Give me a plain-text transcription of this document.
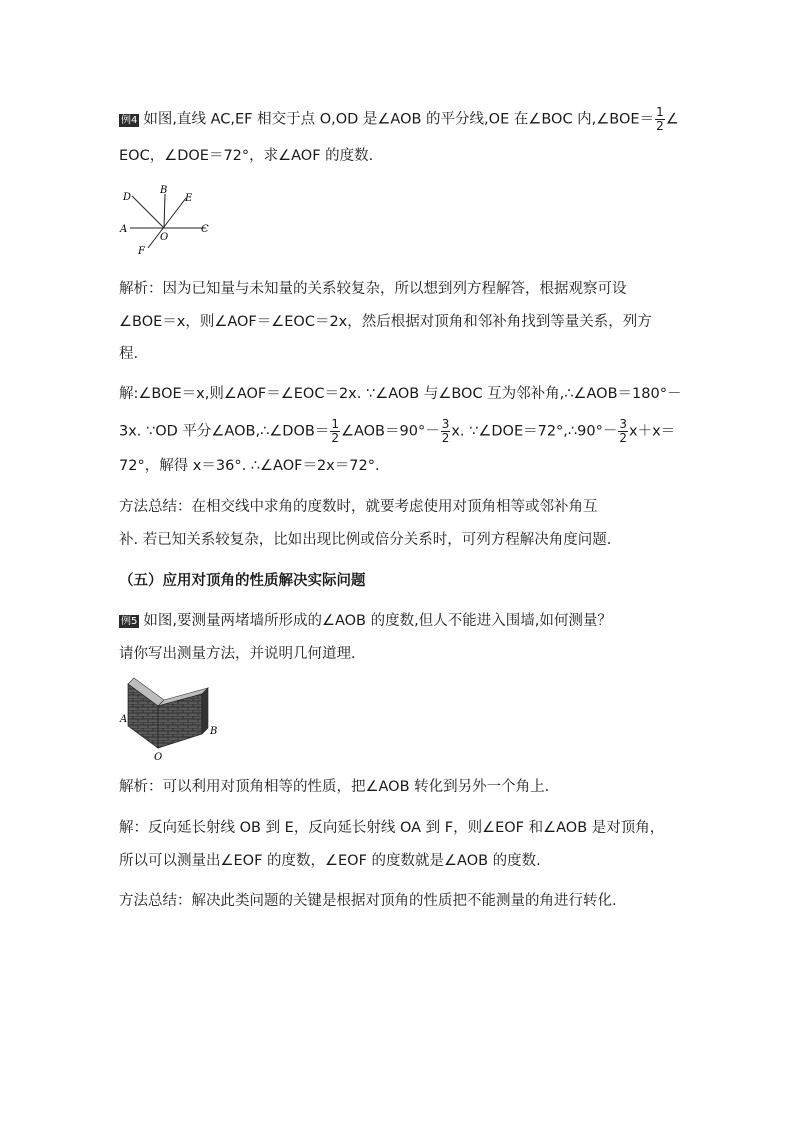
例4 如图,直线 AC,EF 相交于点 O,OD 是∠AOB 的平分线,OE 在∠BOC 内,∠BOE＝ $\frac{1}{2}$ ∠
EOC，∠DOE＝72°，求∠AOF 的度数.
D
B
E
A
O
C
F
解析：因为已知量与未知量的关系较复杂，所以想到列方程解答，根据观察可设
∠BOE＝x，则∠AOF＝∠EOC＝2x，然后根据对顶角和邻补角找到等量关系，列方
程.
解:∠BOE＝x,则∠AOF＝∠EOC＝2x. ∵∠AOB 与∠BOC 互为邻补角,∴∠AOB＝180°－
3x. ∵OD 平分∠AOB,∴∠DOB＝ $\frac{1}{2}$ ∠AOB＝90°－ $\frac{3}{2} x$. ∵∠DOE＝72°,∴90°－ $\frac{3}{2} x+x=$
72°，解得 x＝36°. ∴∠AOF＝2x＝72°.
方法总结：在相交线中求角的度数时，就要考虑使用对顶角相等或邻补角互
补. 若已知关系较复杂，比如出现比例或倍分关系时，可列方程解决角度问题.
（五）应用对顶角的性质解决实际问题
例5 如图,要测量两堵墙所形成的∠AOB 的度数,但人不能进入围墙,如何测量？
请你写出测量方法，并说明几何道理.
A
B
O
解析：可以利用对顶角相等的性质，把∠AOB 转化到另外一个角上.
解：反向延长射线 OB 到 E，反向延长射线 OA 到 F，则∠EOF 和∠AOB 是对顶角，
所以可以测量出∠EOF 的度数，∠EOF 的度数就是∠AOB 的度数.
方法总结：解决此类问题的关键是根据对顶角的性质把不能测量的角进行转化.
